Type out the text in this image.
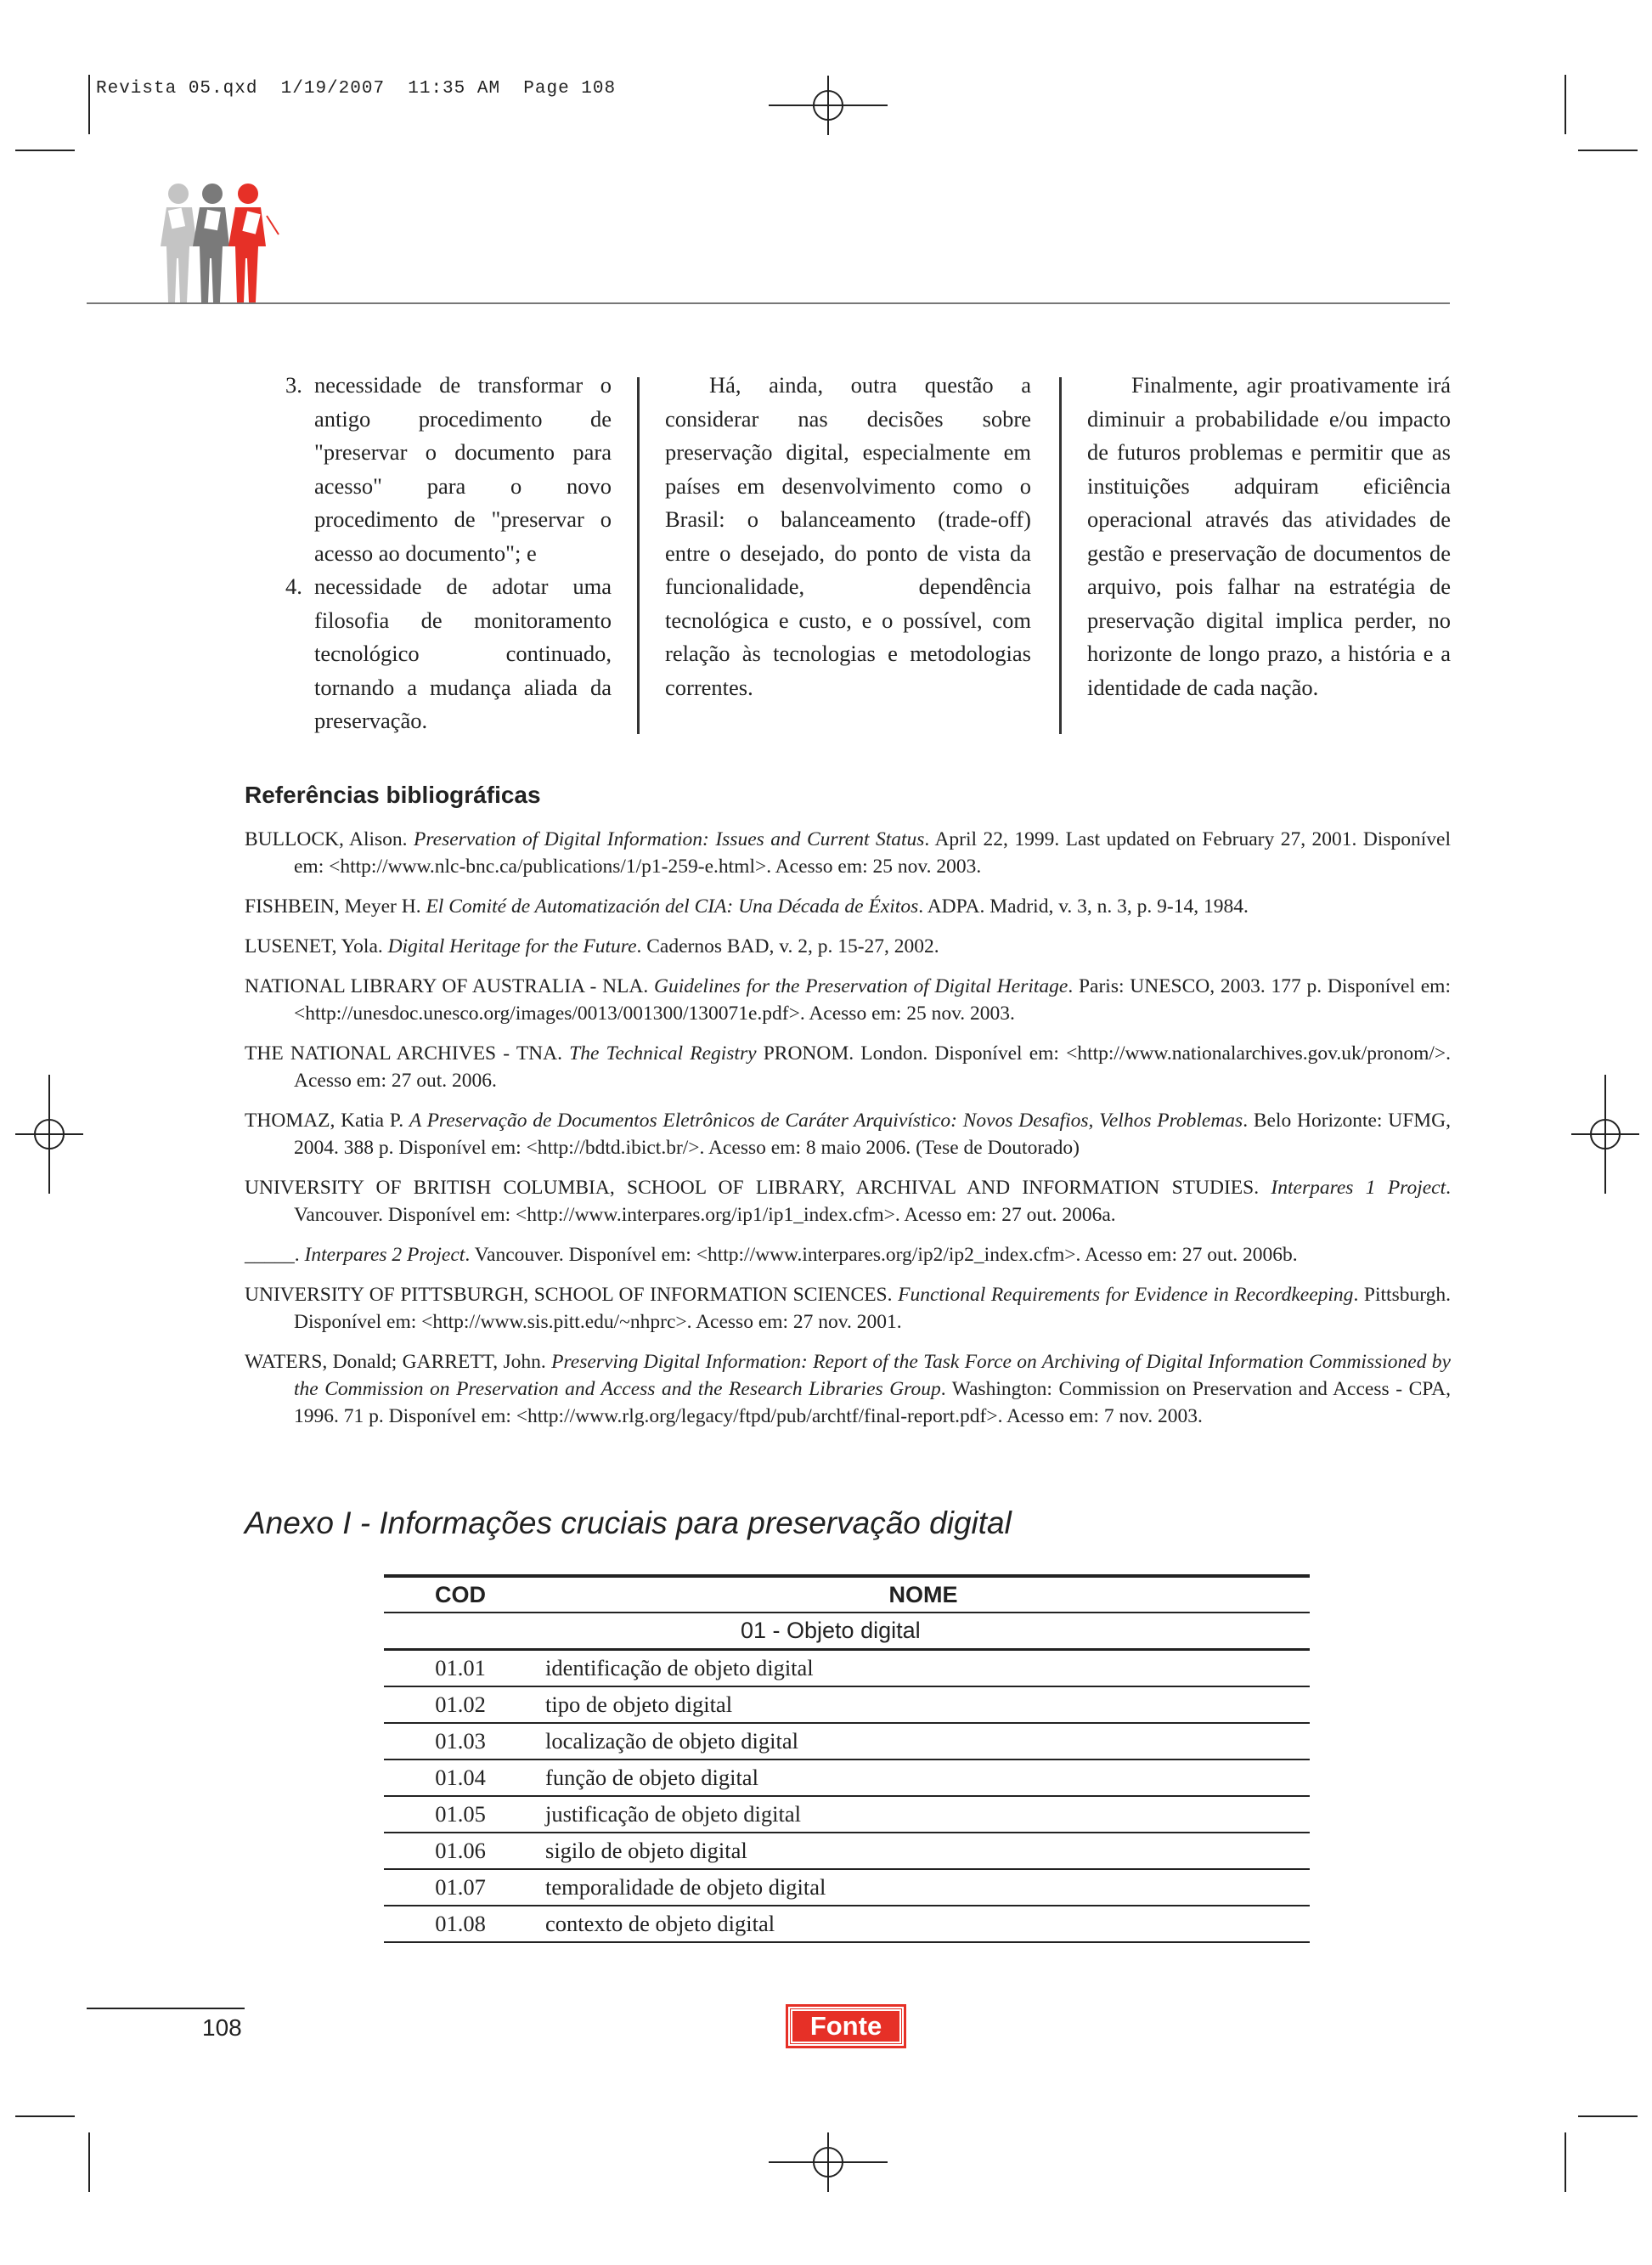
Revista 05.qxd  1/19/2007  11:35 AM  Page 108
3. necessidade de transformar o antigo procedimento de "preservar o documento para acesso" para o novo procedimento de "preservar o acesso ao documento"; e
4. necessidade de adotar uma filosofia de monitoramento tecnológico continuado, tornando a mudança aliada da preservação.

Há, ainda, outra questão a considerar nas decisões sobre preservação digital, especialmente em países em desenvolvimento como o Brasil: o balanceamento (trade-off) entre o desejado, do ponto de vista da funcionalidade, dependência tecnológica e custo, e o possível, com relação às tecnologias e metodologias correntes.

Finalmente, agir proativamente irá diminuir a probabilidade e/ou impacto de futuros problemas e permitir que as instituições adquiram eficiência operacional através das atividades de gestão e preservação de documentos de arquivo, pois falhar na estratégia de preservação digital implica perder, no horizonte de longo prazo, a história e a identidade de cada nação.

Referências bibliográficas
BULLOCK, Alison. Preservation of Digital Information: Issues and Current Status. April 22, 1999. Last updated on February 27, 2001. Disponível em: <http://www.nlc-bnc.ca/publications/1/p1-259-e.html>. Acesso em: 25 nov. 2003.
FISHBEIN, Meyer H. El Comité de Automatización del CIA: Una Década de Éxitos. ADPA. Madrid, v. 3, n. 3, p. 9-14, 1984.
LUSENET, Yola. Digital Heritage for the Future. Cadernos BAD, v. 2, p. 15-27, 2002.
NATIONAL LIBRARY OF AUSTRALIA - NLA. Guidelines for the Preservation of Digital Heritage. Paris: UNESCO, 2003. 177 p. Disponível em: <http://unesdoc.unesco.org/images/0013/001300/130071e.pdf>. Acesso em: 25 nov. 2003.
THE NATIONAL ARCHIVES - TNA. The Technical Registry PRONOM. London. Disponível em: <http://www.nationalarchives.gov.uk/pronom/>. Acesso em: 27 out. 2006.
THOMAZ, Katia P. A Preservação de Documentos Eletrônicos de Caráter Arquivístico: Novos Desafios, Velhos Problemas. Belo Horizonte: UFMG, 2004. 388 p. Disponível em: <http://bdtd.ibict.br/>. Acesso em: 8 maio 2006. (Tese de Doutorado)
UNIVERSITY OF BRITISH COLUMBIA, SCHOOL OF LIBRARY, ARCHIVAL AND INFORMATION STUDIES. Interpares 1 Project. Vancouver. Disponível em: <http://www.interpares.org/ip1/ip1_index.cfm>. Acesso em: 27 out. 2006a.
_____. Interpares 2 Project. Vancouver. Disponível em: <http://www.interpares.org/ip2/ip2_index.cfm>. Acesso em: 27 out. 2006b.
UNIVERSITY OF PITTSBURGH, SCHOOL OF INFORMATION SCIENCES. Functional Requirements for Evidence in Recordkeeping. Pittsburgh. Disponível em: <http://www.sis.pitt.edu/~nhprc>. Acesso em: 27 nov. 2001.
WATERS, Donald; GARRETT, John. Preserving Digital Information: Report of the Task Force on Archiving of Digital Information Commissioned by the Commission on Preservation and Access and the Research Libraries Group. Washington: Commission on Preservation and Access - CPA, 1996. 71 p. Disponível em: <http://www.rlg.org/legacy/ftpd/pub/archtf/final-report.pdf>. Acesso em: 7 nov. 2003.
Anexo I - Informações cruciais para preservação digital
COD	NOME
	01 - Objeto digital
01.01	identificação de objeto digital
01.02	tipo de objeto digital
01.03	localização de objeto digital
01.04	função de objeto digital
01.05	justificação de objeto digital
01.06	sigilo de objeto digital
01.07	temporalidade de objeto digital
01.08	contexto de objeto digital
108	Fonte
